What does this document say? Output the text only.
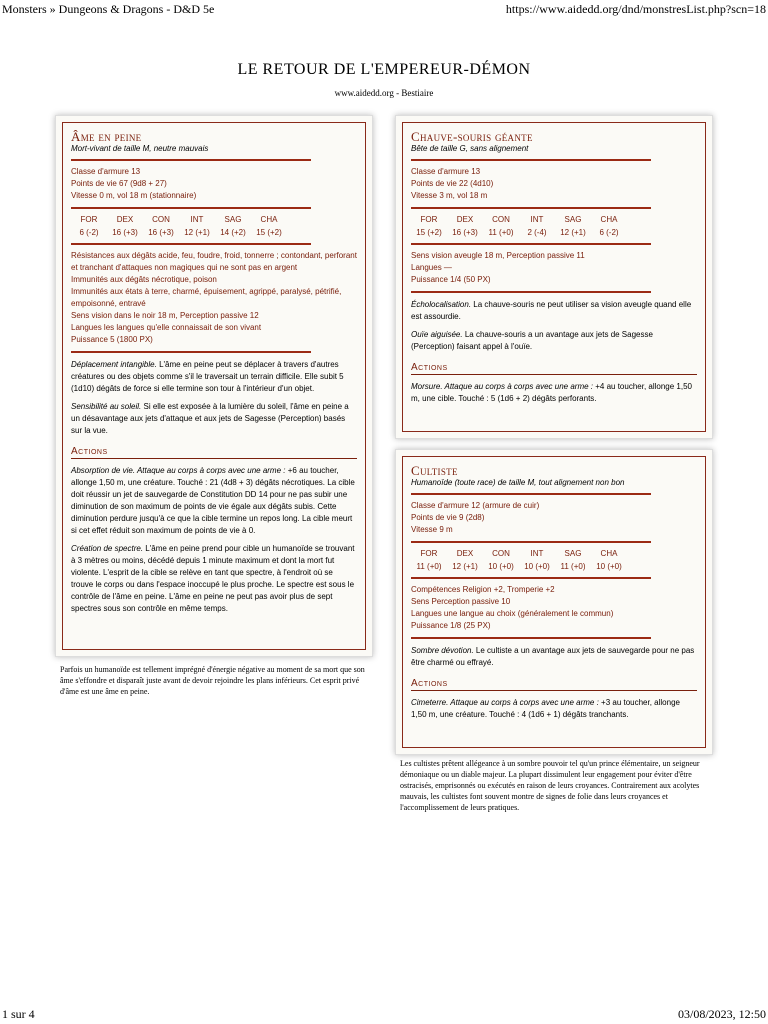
Monsters » Dungeons & Dragons - D&D 5e	https://www.aidedd.org/dnd/monstresList.php?scn=18
LE RETOUR DE L'EMPEREUR-DÉMON
www.aidedd.org - Bestiaire
Âme en peine
Mort-vivant de taille M, neutre mauvais
Classe d'armure 13
Points de vie 67 (9d8 + 27)
Vitesse 0 m, vol 18 m (stationnaire)
FOR	DEX	CON	INT	SAG	CHA
6 (-2)	16 (+3)	16 (+3)	12 (+1)	14 (+2)	15 (+2)
Résistances aux dégâts acide, feu, foudre, froid, tonnerre ; contondant, perforant et tranchant d'attaques non magiques qui ne sont pas en argent
Immunités aux dégâts nécrotique, poison
Immunités aux états à terre, charmé, épuisement, agrippé, paralysé, pétrifié, empoisonné, entravé
Sens vision dans le noir 18 m, Perception passive 12
Langues les langues qu'elle connaissait de son vivant
Puissance 5 (1800 PX)
Déplacement intangible. L'âme en peine peut se déplacer à travers d'autres créatures ou des objets comme s'il le traversait un terrain difficile. Elle subit 5 (1d10) dégâts de force si elle termine son tour à l'intérieur d'un objet.
Sensibilité au soleil. Si elle est exposée à la lumière du soleil, l'âme en peine a un désavantage aux jets d'attaque et aux jets de Sagesse (Perception) basés sur la vue.
Actions
Absorption de vie. Attaque au corps à corps avec une arme : +6 au toucher, allonge 1,50 m, une créature. Touché : 21 (4d8 + 3) dégâts nécrotiques. La cible doit réussir un jet de sauvegarde de Constitution DD 14 pour ne pas subir une diminution de son maximum de points de vie égale aux dégâts subis. Cette diminution perdure jusqu'à ce que la cible termine un repos long. La cible meurt si cet effet réduit son maximum de points de vie à 0.
Création de spectre. L'âme en peine prend pour cible un humanoïde se trouvant à 3 mètres ou moins, décédé depuis 1 minute maximum et dont la mort fut violente. L'esprit de la cible se relève en tant que spectre, à l'endroit où se trouve le corps ou dans l'espace inoccupé le plus proche. Le spectre est sous le contrôle de l'âme en peine. L'âme en peine ne peut pas avoir plus de sept spectres sous son contrôle en même temps.
Parfois un humanoïde est tellement imprégné d'énergie négative au moment de sa mort que son âme s'effondre et disparaît juste avant de devoir rejoindre les plans inférieurs. Cet esprit privé d'âme est une âme en peine.
Chauve-souris géante
Bête de taille G, sans alignement
Classe d'armure 13
Points de vie 22 (4d10)
Vitesse 3 m, vol 18 m
FOR	DEX	CON	INT	SAG	CHA
15 (+2)	16 (+3)	11 (+0)	2 (-4)	12 (+1)	6 (-2)
Sens vision aveugle 18 m, Perception passive 11
Langues —
Puissance 1/4 (50 PX)
Écholocalisation. La chauve-souris ne peut utiliser sa vision aveugle quand elle est assourdie.
Ouïe aiguisée. La chauve-souris a un avantage aux jets de Sagesse (Perception) faisant appel à l'ouïe.
Actions
Morsure. Attaque au corps à corps avec une arme : +4 au toucher, allonge 1,50 m, une cible. Touché : 5 (1d6 + 2) dégâts perforants.
Cultiste
Humanoïde (toute race) de taille M, tout alignement non bon
Classe d'armure 12 (armure de cuir)
Points de vie 9 (2d8)
Vitesse 9 m
FOR	DEX	CON	INT	SAG	CHA
11 (+0)	12 (+1)	10 (+0)	10 (+0)	11 (+0)	10 (+0)
Compétences Religion +2, Tromperie +2
Sens Perception passive 10
Langues une langue au choix (généralement le commun)
Puissance 1/8 (25 PX)
Sombre dévotion. Le cultiste a un avantage aux jets de sauvegarde pour ne pas être charmé ou effrayé.
Actions
Cimeterre. Attaque au corps à corps avec une arme : +3 au toucher, allonge 1,50 m, une créature. Touché : 4 (1d6 + 1) dégâts tranchants.
Les cultistes prêtent allégeance à un sombre pouvoir tel qu'un prince élémentaire, un seigneur démoniaque ou un diable majeur. La plupart dissimulent leur engagement pour éviter d'être ostracisés, emprisonnés ou exécutés en raison de leurs croyances. Contrairement aux acolytes mauvais, les cultistes font souvent montre de signes de folie dans leurs croyances et l'accomplissement de leurs pratiques.
1 sur 4	03/08/2023, 12:50
